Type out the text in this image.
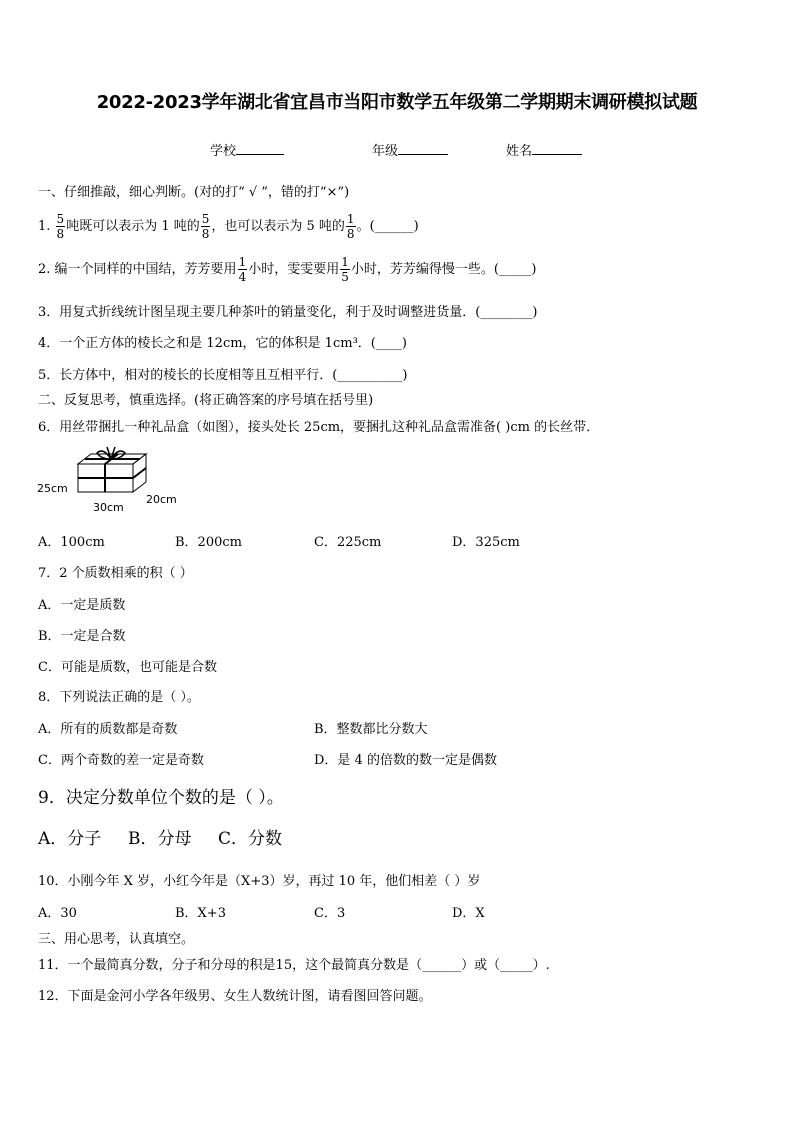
2022-2023学年湖北省宜昌市当阳市数学五年级第二学期期末调研模拟试题
学校	年级	姓名
一、仔细推敲，细心判断。(对的打“ √ ”，错的打“×”)
1. $\frac{5}{8}$ 吨既可以表示为 1 吨的 $\frac{5}{8}$ ，也可以表示为 5 吨的 $\frac{1}{8}$ 。(______)
2. 编一个同样的中国结，芳芳要用 $\frac{1}{4}$ 小时，雯雯要用 $\frac{1}{5}$ 小时，芳芳编得慢一些。(_____)
3．用复式折线统计图呈现主要几种茶叶的销量变化，利于及时调整进货量．(________)
4．一个正方体的棱长之和是 12cm，它的体积是 1cm³．(____)
5．长方体中，相对的棱长的长度相等且互相平行．(__________)
二、反复思考，慎重选择。(将正确答案的序号填在括号里)
6．用丝带捆扎一种礼品盒（如图），接头处长 25cm，要捆扎这种礼品盒需准备( )cm 的长丝带．
25cm
30cm
20cm
A．100cm	B．200cm	C．225cm	D．325cm
7．2 个质数相乘的积（ ）
A．一定是质数
B．一定是合数
C．可能是质数，也可能是合数
8．下列说法正确的是（ ）。
A．所有的质数都是奇数	B．整数都比分数大
C．两个奇数的差一定是奇数	D．是 4 的倍数的数一定是偶数
9．决定分数单位个数的是（ ）。
A．分子 B．分母 C．分数
10．小刚今年 X 岁，小红今年是（X+3）岁，再过 10 年，他们相差（ ）岁
A．30	B．X+3	C．3	D．X
三、用心思考，认真填空。
11．一个最简真分数，分子和分母的积是15，这个最简真分数是（______）或（_____）.
12．下面是金河小学各年级男、女生人数统计图，请看图回答问题。
